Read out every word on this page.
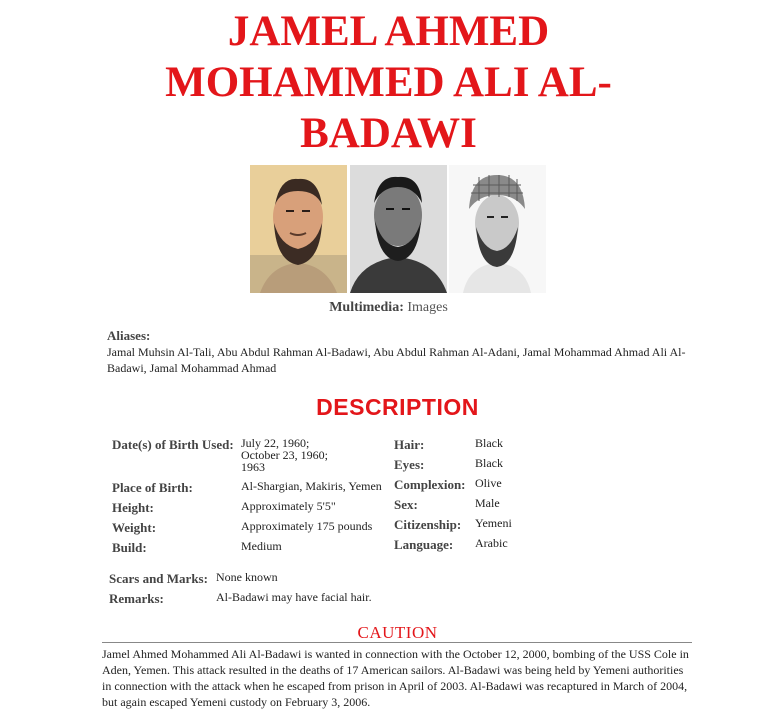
JAMEL AHMED
MOHAMMED ALI AL-
BADAWI
Multimedia: Images
Aliases:
Jamal Muhsin Al-Tali, Abu Abdul Rahman Al-Badawi, Abu Abdul Rahman Al-Adani, Jamal Mohammad Ahmad Ali Al-Badawi, Jamal Mohammad Ahmad
DESCRIPTION
Date(s) of Birth Used: July 22, 1960;
October 23, 1960;
1963
Place of Birth:	Al-Shargian, Makiris, Yemen
Height:	Approximately 5'5"
Weight:	Approximately 175 pounds
Build:	Medium
Hair:	Black
Eyes:	Black
Complexion: Olive
Sex:	Male
Citizenship: Yemeni
Language: Arabic
Scars and Marks: None known
Remarks:	Al-Badawi may have facial hair.
CAUTION
Jamel Ahmed Mohammed Ali Al-Badawi is wanted in connection with the October 12, 2000, bombing of the USS Cole in Aden, Yemen. This attack resulted in the deaths of 17 American sailors. Al-Badawi was being held by Yemeni authorities in connection with the attack when he escaped from prison in April of 2003. Al-Badawi was recaptured in March of 2004, but again escaped Yemeni custody on February 3, 2006.
